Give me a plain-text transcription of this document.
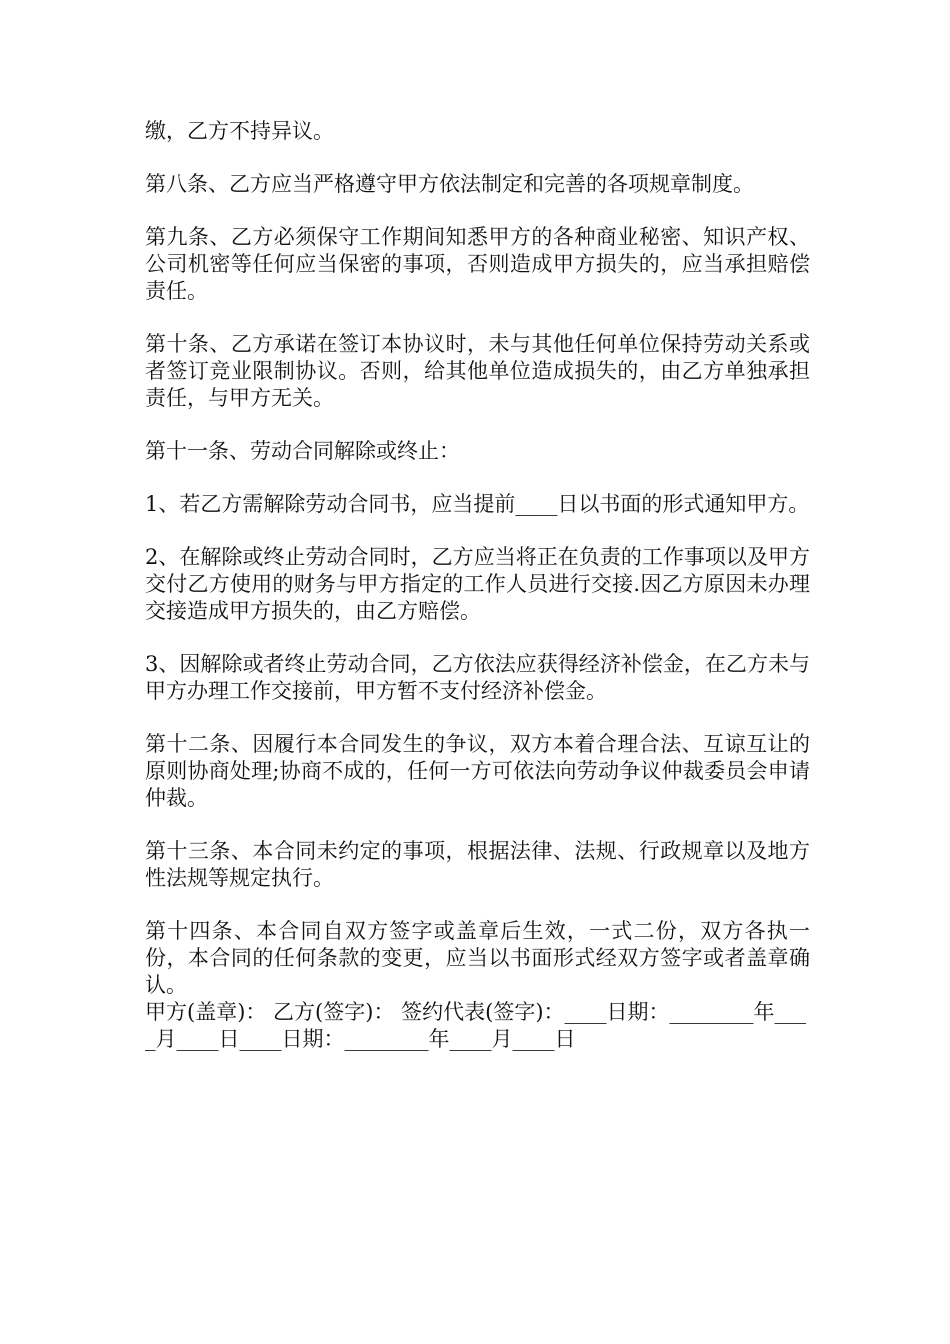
缴，乙方不持异议。

第八条、乙方应当严格遵守甲方依法制定和完善的各项规章制度。

第九条、乙方必须保守工作期间知悉甲方的各种商业秘密、知识产权、公司机密等任何应当保密的事项，否则造成甲方损失的，应当承担赔偿责任。

第十条、乙方承诺在签订本协议时，未与其他任何单位保持劳动关系或者签订竞业限制协议。否则，给其他单位造成损失的，由乙方单独承担责任，与甲方无关。

第十一条、劳动合同解除或终止：

1、若乙方需解除劳动合同书，应当提前____日以书面的形式通知甲方。

2、在解除或终止劳动合同时，乙方应当将正在负责的工作事项以及甲方交付乙方使用的财务与甲方指定的工作人员进行交接.因乙方原因未办理交接造成甲方损失的，由乙方赔偿。

3、因解除或者终止劳动合同，乙方依法应获得经济补偿金，在乙方未与甲方办理工作交接前，甲方暂不支付经济补偿金。

第十二条、因履行本合同发生的争议，双方本着合理合法、互谅互让的原则协商处理;协商不成的，任何一方可依法向劳动争议仲裁委员会申请仲裁。

第十三条、本合同未约定的事项，根据法律、法规、行政规章以及地方性法规等规定执行。

第十四条、本合同自双方签字或盖章后生效，一式二份，双方各执一份，本合同的任何条款的变更，应当以书面形式经双方签字或者盖章确认。

甲方(盖章)： 乙方(签字)： 签约代表(签字)：____日期：________年____月____日____日期：________年____月____日
